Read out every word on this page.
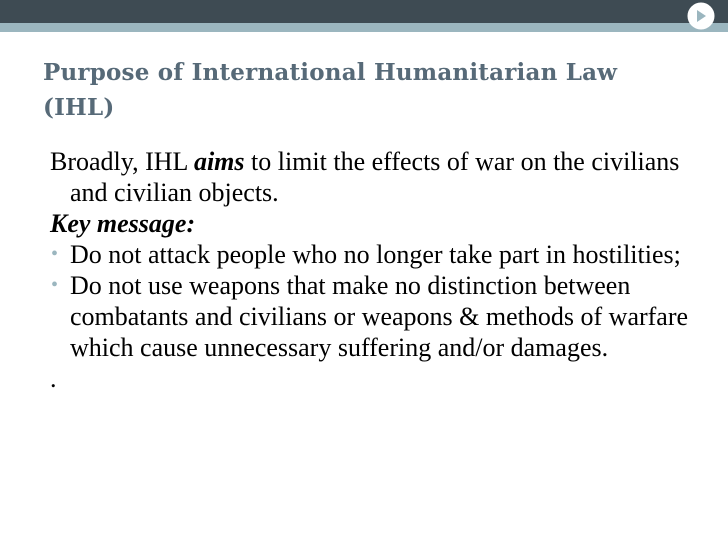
Purpose of International Humanitarian Law (IHL)

Broadly, IHL aims to limit the effects of war on the civilians and civilian objects.

Key message:

• Do not attack people who no longer take part in hostilities;

• Do not use weapons that make no distinction between combatants and civilians or weapons & methods of warfare which cause unnecessary suffering and/or damages.

.
